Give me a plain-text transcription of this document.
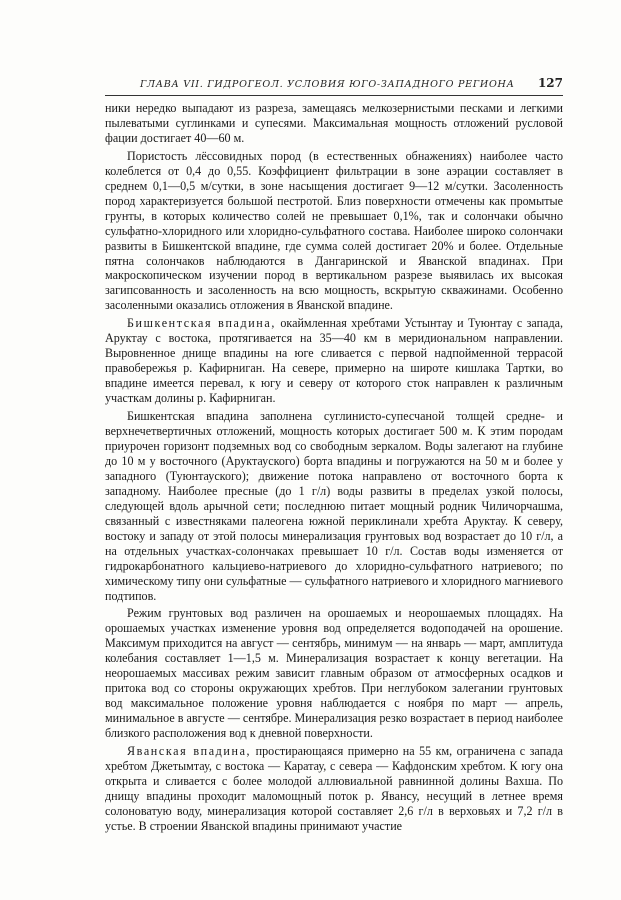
ГЛАВА VII. ГИДРОГЕОЛ. УСЛОВИЯ ЮГО-ЗАПАДНОГО РЕГИОНА 127

ники нередко выпадают из разреза, замещаясь мелкозернистыми песками и легкими пылеватыми суглинками и супесями. Максимальная мощность отложений русловой фации достигает 40—60 м.

Пористость лёссовидных пород (в естественных обнажениях) наиболее часто колеблется от 0,4 до 0,55. Коэффициент фильтрации в зоне аэрации составляет в среднем 0,1—0,5 м/сутки, в зоне насыщения достигает 9—12 м/сутки. Засоленность пород характеризуется большой пестротой. Близ поверхности отмечены как промытые грунты, в которых количество солей не превышает 0,1%, так и солончаки обычно сульфатно-хлоридного или хлоридно-сульфатного состава. Наиболее широко солончаки развиты в Бишкентской впадине, где сумма солей достигает 20% и более. Отдельные пятна солончаков наблюдаются в Дангаринской и Яванской впадинах. При макроскопическом изучении пород в вертикальном разрезе выявилась их высокая загипсованность и засоленность на всю мощность, вскрытую скважинами. Особенно засоленными оказались отложения в Яванской впадине.

Бишкентская впадина, окаймленная хребтами Устынтау и Туюнтау с запада, Аруктау с востока, протягивается на 35—40 км в меридиональном направлении. Выровненное днище впадины на юге сливается с первой надпойменной террасой правобережья р. Кафирниган. На севере, примерно на широте кишлака Тартки, во впадине имеется перевал, к югу и северу от которого сток направлен к различным участкам долины р. Кафирниган.

Бишкентская впадина заполнена суглинисто-супесчаной толщей средне- и верхнечетвертичных отложений, мощность которых достигает 500 м. К этим породам приурочен горизонт подземных вод со свободным зеркалом. Воды залегают на глубине до 10 м у восточного (Аруктауского) борта впадины и погружаются на 50 м и более у западного (Туюнтауского); движение потока направлено от восточного борта к западному. Наиболее пресные (до 1 г/л) воды развиты в пределах узкой полосы, следующей вдоль арычной сети; последнюю питает мощный родник Чиличорчашма, связанный с известняками палеогена южной периклинали хребта Аруктау. К северу, востоку и западу от этой полосы минерализация грунтовых вод возрастает до 10 г/л, а на отдельных участках-солончаках превышает 10 г/л. Состав воды изменяется от гидрокарбонатного кальциево-натриевого до хлоридно-сульфатного натриевого; по химическому типу они сульфатные — сульфатного натриевого и хлоридного магниевого подтипов.

Режим грунтовых вод различен на орошаемых и неорошаемых площадях. На орошаемых участках изменение уровня вод определяется водоподачей на орошение. Максимум приходится на август — сентябрь, минимум — на январь — март, амплитуда колебания составляет 1—1,5 м. Минерализация возрастает к концу вегетации. На неорошаемых массивах режим зависит главным образом от атмосферных осадков и притока вод со стороны окружающих хребтов. При неглубоком залегании грунтовых вод максимальное положение уровня наблюдается с ноября по март — апрель, минимальное в августе — сентябре. Минерализация резко возрастает в период наиболее близкого расположения вод к дневной поверхности.

Яванская впадина, простирающаяся примерно на 55 км, ограничена с запада хребтом Джетымтау, с востока — Каратау, с севера — Кафдонским хребтом. К югу она открыта и сливается с более молодой аллювиальной равнинной долины Вахша. По днищу впадины проходит маломощный поток р. Явансу, несущий в летнее время солоноватую воду, минерализация которой составляет 2,6 г/л в верховьях и 7,2 г/л в устье. В строении Яванской впадины принимают участие
